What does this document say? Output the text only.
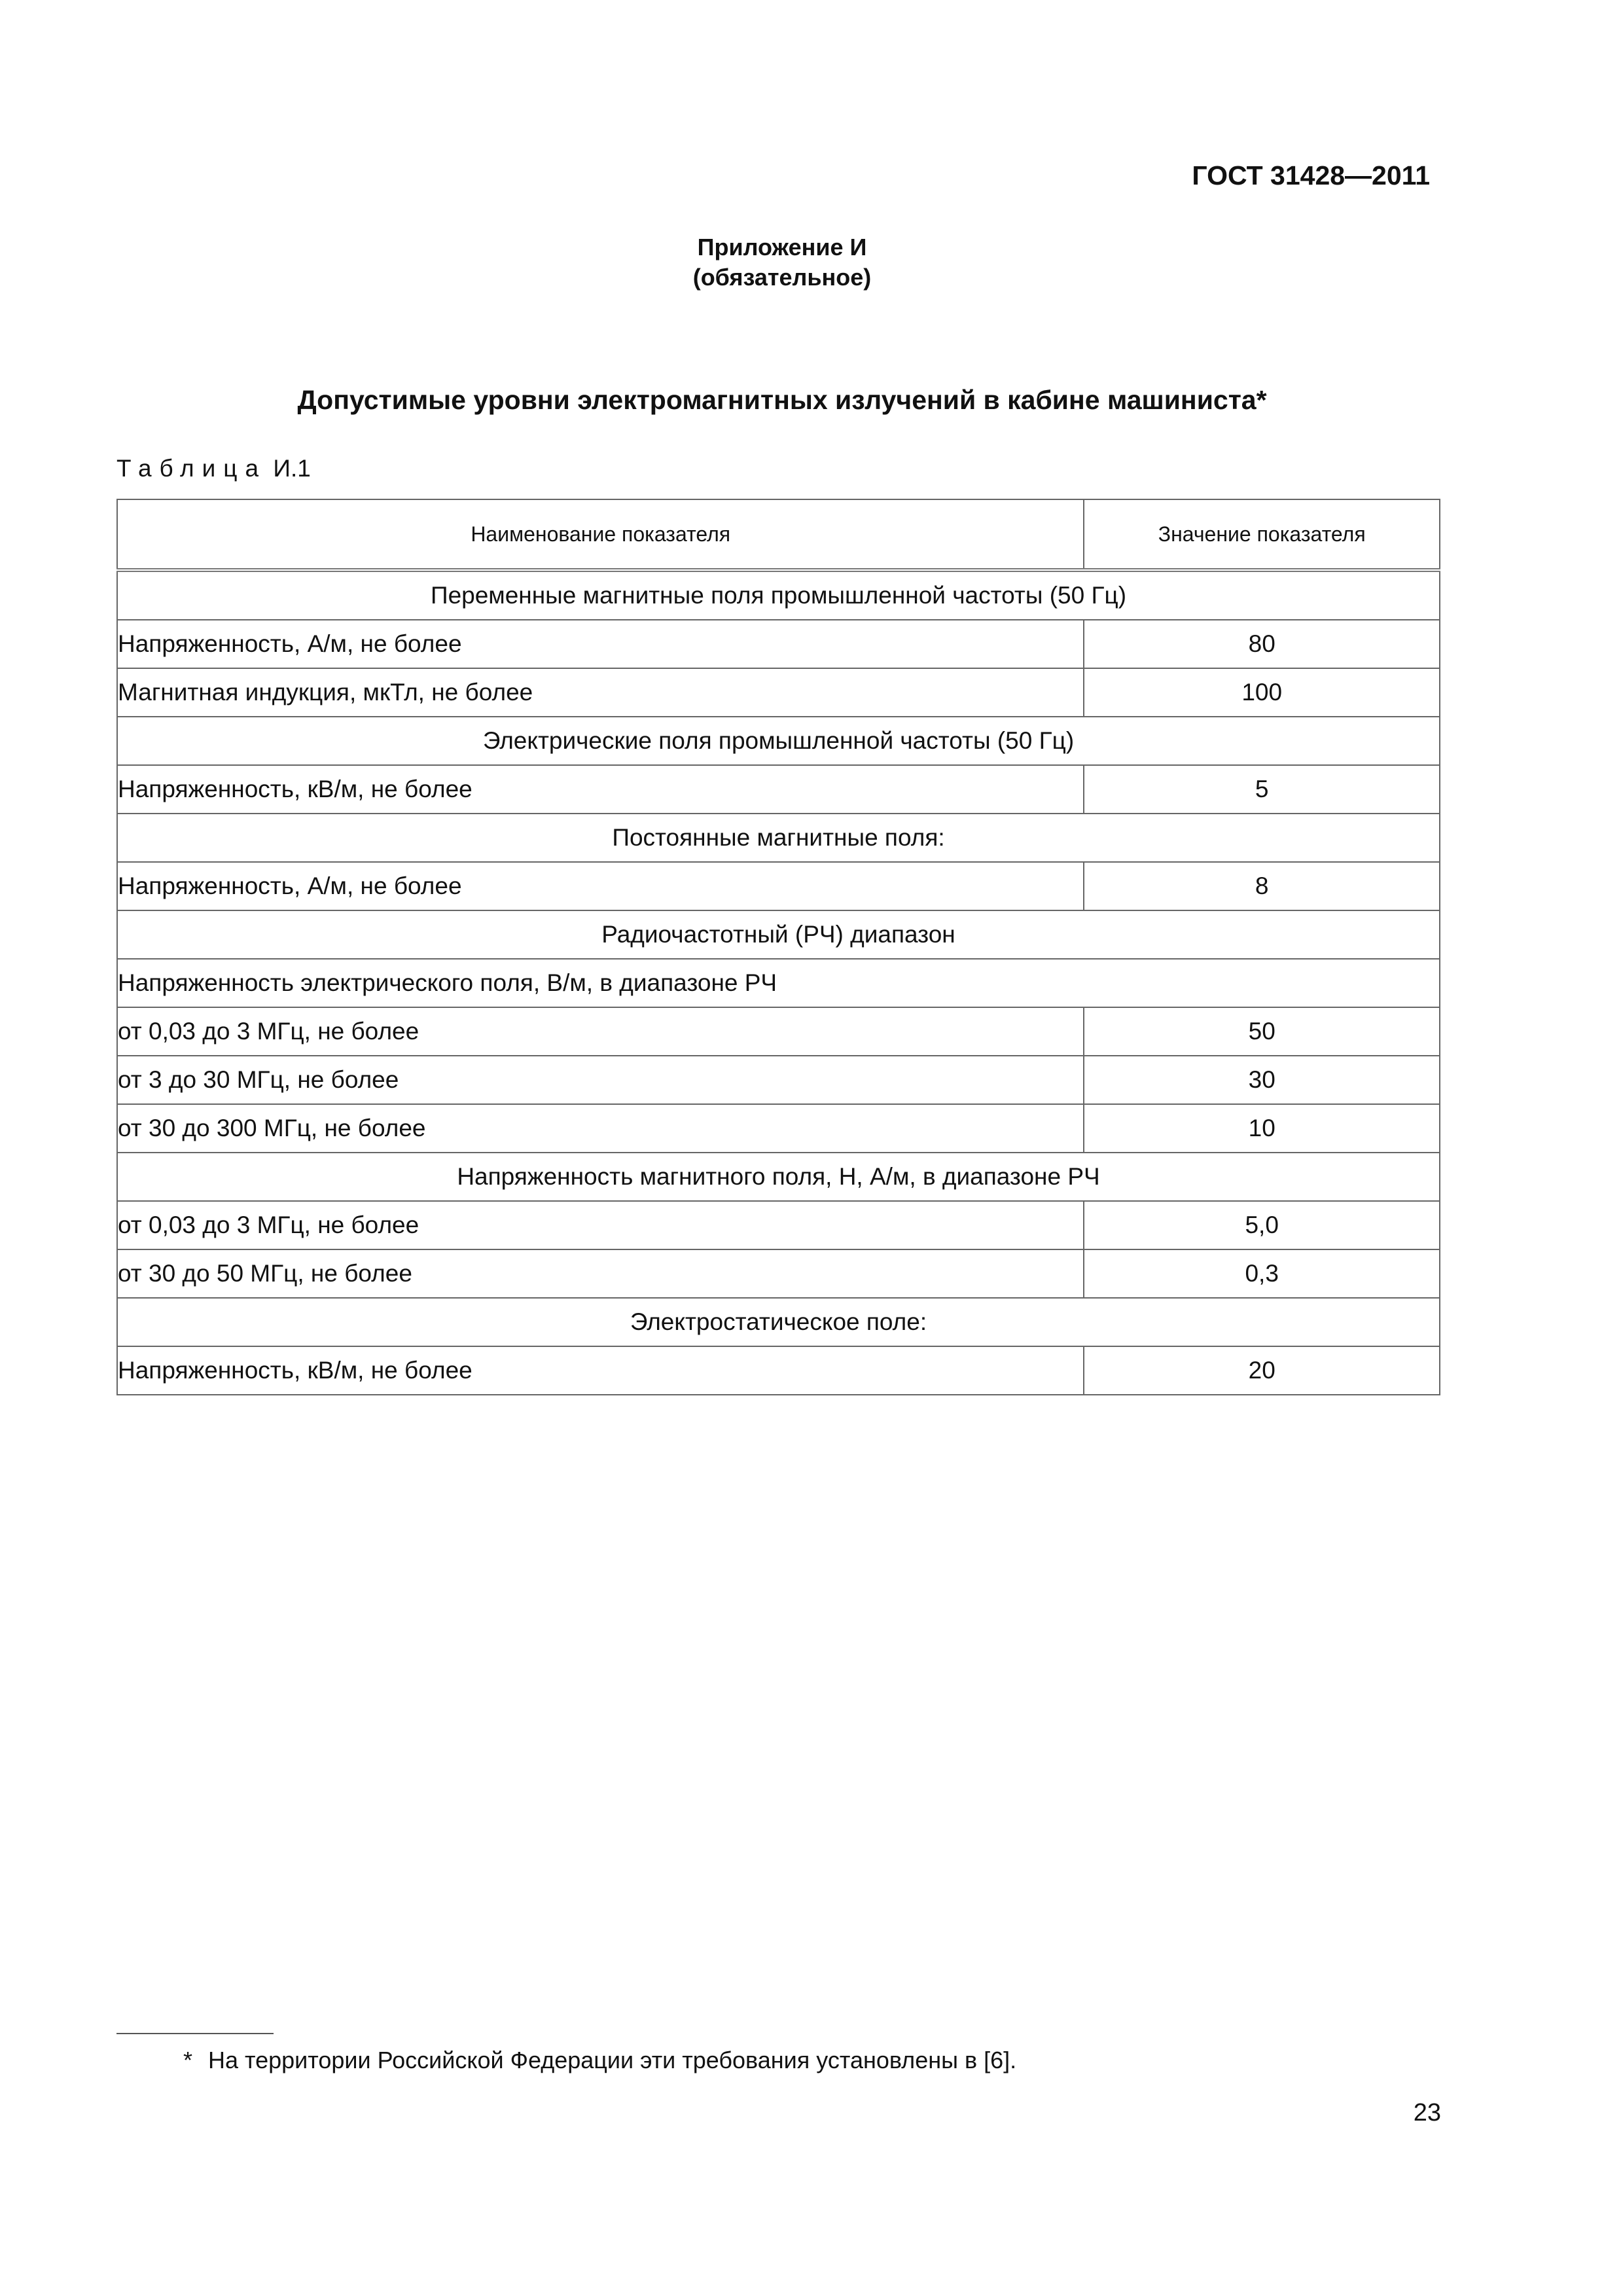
ГОСТ 31428—2011
Приложение И
(обязательное)
Допустимые уровни электромагнитных излучений в кабине машиниста*
Таблица И.1
Наименование показателя	Значение показателя
Переменные магнитные поля промышленной частоты (50 Гц)	
Напряженность, А/м, не более	80
Магнитная индукция, мкТл, не более	100
Электрические поля промышленной частоты (50 Гц)	
Напряженность, кВ/м, не более	5
Постоянные магнитные поля:	
Напряженность, А/м, не более	8
Радиочастотный (РЧ) диапазон	
Напряженность электрического поля, В/м, в диапазоне РЧ	
от 0,03 до 3 МГц, не более	50
от 3 до 30 МГц, не более	30
от 30 до 300 МГц, не более	10
Напряженность магнитного поля, Н, А/м, в диапазоне РЧ	
от 0,03 до 3 МГц, не более	5,0
от 30 до 50 МГц, не более	0,3
Электростатическое поле:	
Напряженность, кВ/м, не более	20
* На территории Российской Федерации эти требования установлены в [6].
23
